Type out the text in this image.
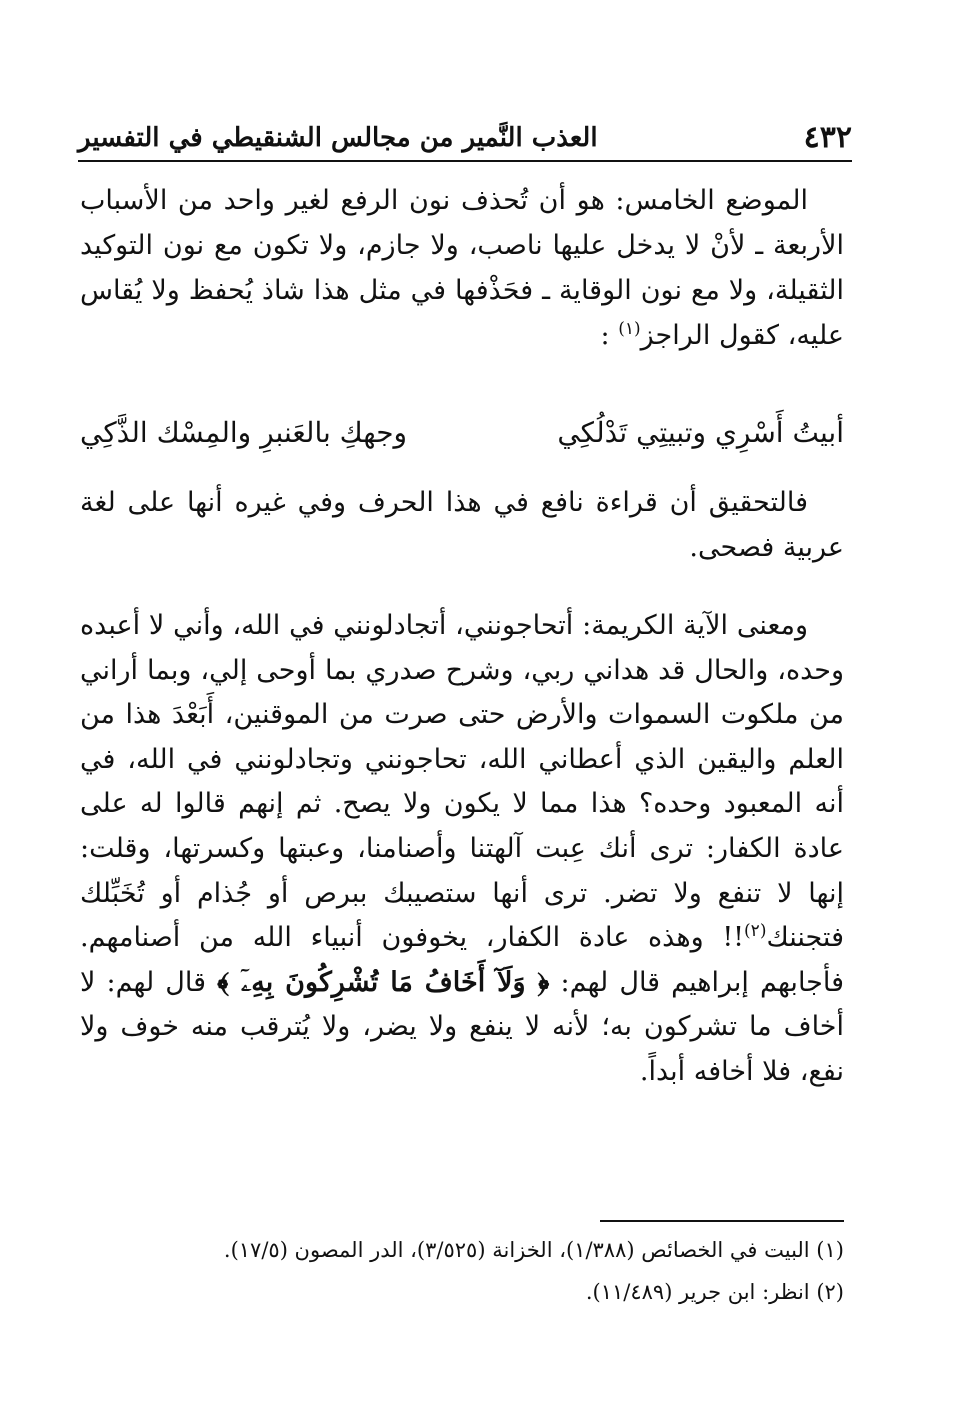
٤٣٢
العذب النَّمير من مجالس الشنقيطي في التفسير

الموضع الخامس: هو أن تُحذف نون الرفع لغير واحد من الأسباب الأربعة ـ لأنْ لا يدخل عليها ناصب، ولا جازم، ولا تكون مع نون التوكيد الثقيلة، ولا مع نون الوقاية ـ فحَذْفها في مثل هذا شاذ يُحفظ ولا يُقاس عليه، كقول الراجز$^{(١)}$ :

أبيتُ أَسْرِي وتبيتِي تَدْلُكِي
وجهكِ بالعَنبرِ والمِسْك الذَّكِي

فالتحقيق أن قراءة نافع في هذا الحرف وفي غيره أنها على لغة عربية فصحى.

ومعنى الآية الكريمة: أتحاجونني، أتجادلونني في الله، وأني لا أعبده وحده، والحال قد هداني ربي، وشرح صدري بما أوحى إلي، وبما أراني من ملكوت السموات والأرض حتى صرت من الموقنين، أَبَعْدَ هذا من العلم واليقين الذي أعطاني الله، تحاجونني وتجادلونني في الله، في أنه المعبود وحده؟ هذا مما لا يكون ولا يصح. ثم إنهم قالوا له على عادة الكفار: ترى أنك عِبت آلهتنا وأصنامنا، وعبتها وكسرتها، وقلت: إنها لا تنفع ولا تضر. ترى أنها ستصيبك ببرص أو جُذام أو تُخَبِّلك فتجننك$^{(٢)}$!! وهذه عادة الكفار، يخوفون أنبياء الله من أصنامهم. فأجابهم إبراهيم قال لهم: ﴿ وَلَآ أَخَافُ مَا تُشْرِكُونَ بِهِۦٓ ﴾ قال لهم: لا أخاف ما تشركون به؛ لأنه لا ينفع ولا يضر، ولا يُترقب منه خوف ولا نفع، فلا أخافه أبداً.

(١) البيت في الخصائص (١/٣٨٨)، الخزانة (٣/٥٢٥)، الدر المصون (١٧/٥).

(٢) انظر: ابن جرير (١١/٤٨٩).
